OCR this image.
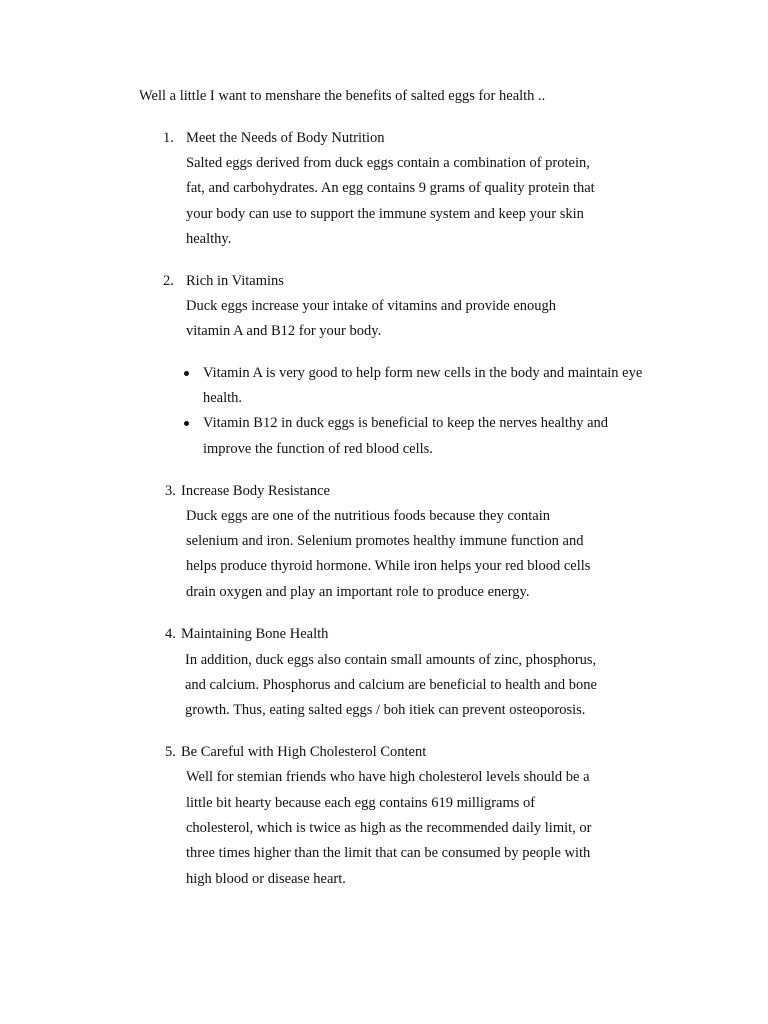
Well a little I want to menshare the benefits of salted eggs for health ..
1. Meet the Needs of Body Nutrition
Salted eggs derived from duck eggs contain a combination of protein,
fat, and carbohydrates. An egg contains 9 grams of quality protein that
your body can use to support the immune system and keep your skin
healthy.
2. Rich in Vitamins
Duck eggs increase your intake of vitamins and provide enough
vitamin A and B12 for your body.
Vitamin A is very good to help form new cells in the body and maintain eye
health.
Vitamin B12 in duck eggs is beneficial to keep the nerves healthy and
improve the function of red blood cells.
3. Increase Body Resistance
Duck eggs are one of the nutritious foods because they contain
selenium and iron. Selenium promotes healthy immune function and
helps produce thyroid hormone. While iron helps your red blood cells
drain oxygen and play an important role to produce energy.
4. Maintaining Bone Health
In addition, duck eggs also contain small amounts of zinc, phosphorus,
and calcium. Phosphorus and calcium are beneficial to health and bone
growth. Thus, eating salted eggs / boh itiek can prevent osteoporosis.
5. Be Careful with High Cholesterol Content
Well for stemian friends who have high cholesterol levels should be a
little bit hearty because each egg contains 619 milligrams of
cholesterol, which is twice as high as the recommended daily limit, or
three times higher than the limit that can be consumed by people with
high blood or disease heart.
